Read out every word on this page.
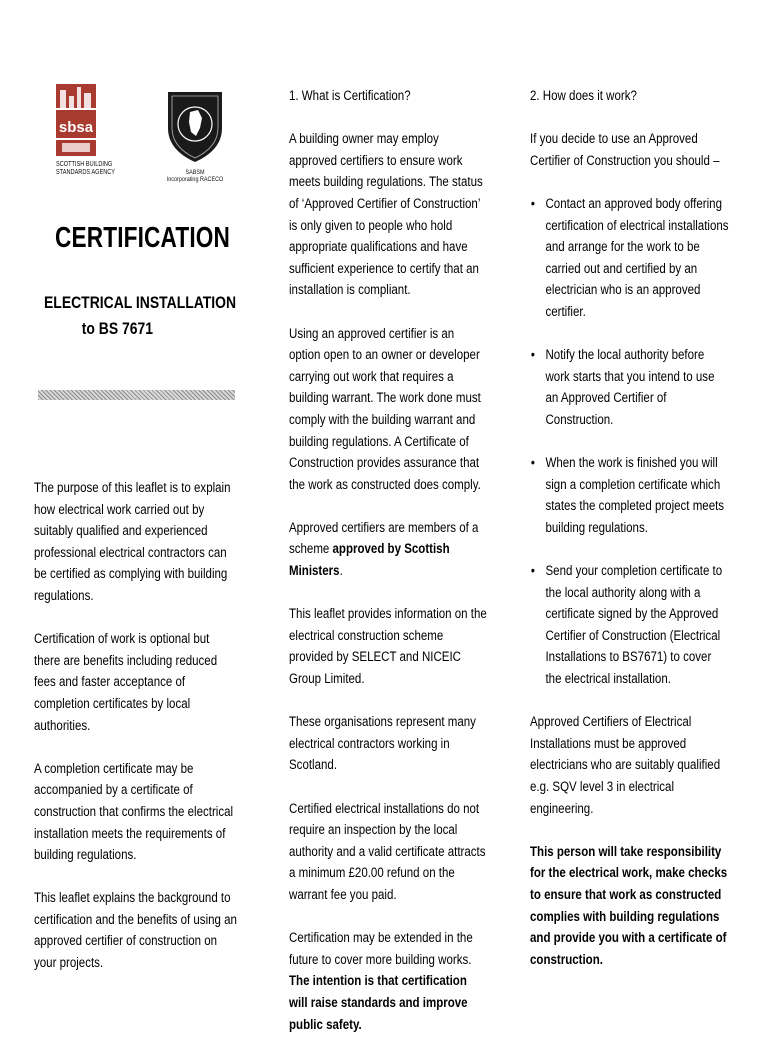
sbsa
SCOTTISH BUILDING
STANDARDS AGENCY	SABSM
Incorporating RACECO
CERTIFICATION
ELECTRICAL INSTALLATION
to BS 7671

The purpose of this leaflet is to explain how electrical work carried out by suitably qualified and experienced professional electrical contractors can be certified as complying with building regulations.

Certification of work is optional but there are benefits including reduced fees and faster acceptance of completion certificates by local authorities.

A completion certificate may be accompanied by a certificate of construction that confirms the electrical installation meets the requirements of building regulations.

This leaflet explains the background to certification and the benefits of using an approved certifier of construction on your projects.

1. What is Certification?

A building owner may employ approved certifiers to ensure work meets building regulations. The status of ‘Approved Certifier of Construction’ is only given to people who hold appropriate qualifications and have sufficient experience to certify that an installation is compliant.

Using an approved certifier is an option open to an owner or developer carrying out work that requires a building warrant. The work done must comply with the building warrant and building regulations. A Certificate of Construction provides assurance that the work as constructed does comply.

Approved certifiers are members of a scheme approved by Scottish Ministers.

This leaflet provides information on the electrical construction scheme provided by SELECT and NICEIC Group Limited.

These organisations represent many electrical contractors working in Scotland.

Certified electrical installations do not require an inspection by the local authority and a valid certificate attracts a minimum £20.00 refund on the warrant fee you paid.

Certification may be extended in the future to cover more building works. The intention is that certification will raise standards and improve public safety.

2. How does it work?

If you decide to use an Approved Certifier of Construction you should –

• Contact an approved body offering certification of electrical installations and arrange for the work to be carried out and certified by an electrician who is an approved certifier.
• Notify the local authority before work starts that you intend to use an Approved Certifier of Construction.
• When the work is finished you will sign a completion certificate which states the completed project meets building regulations.
• Send your completion certificate to the local authority along with a certificate signed by the Approved Certifier of Construction (Electrical Installations to BS7671) to cover the electrical installation.

Approved Certifiers of Electrical Installations must be approved electricians who are suitably qualified e.g. SQV level 3 in electrical engineering.

This person will take responsibility for the electrical work, make checks to ensure that work as constructed complies with building regulations and provide you with a certificate of construction.
